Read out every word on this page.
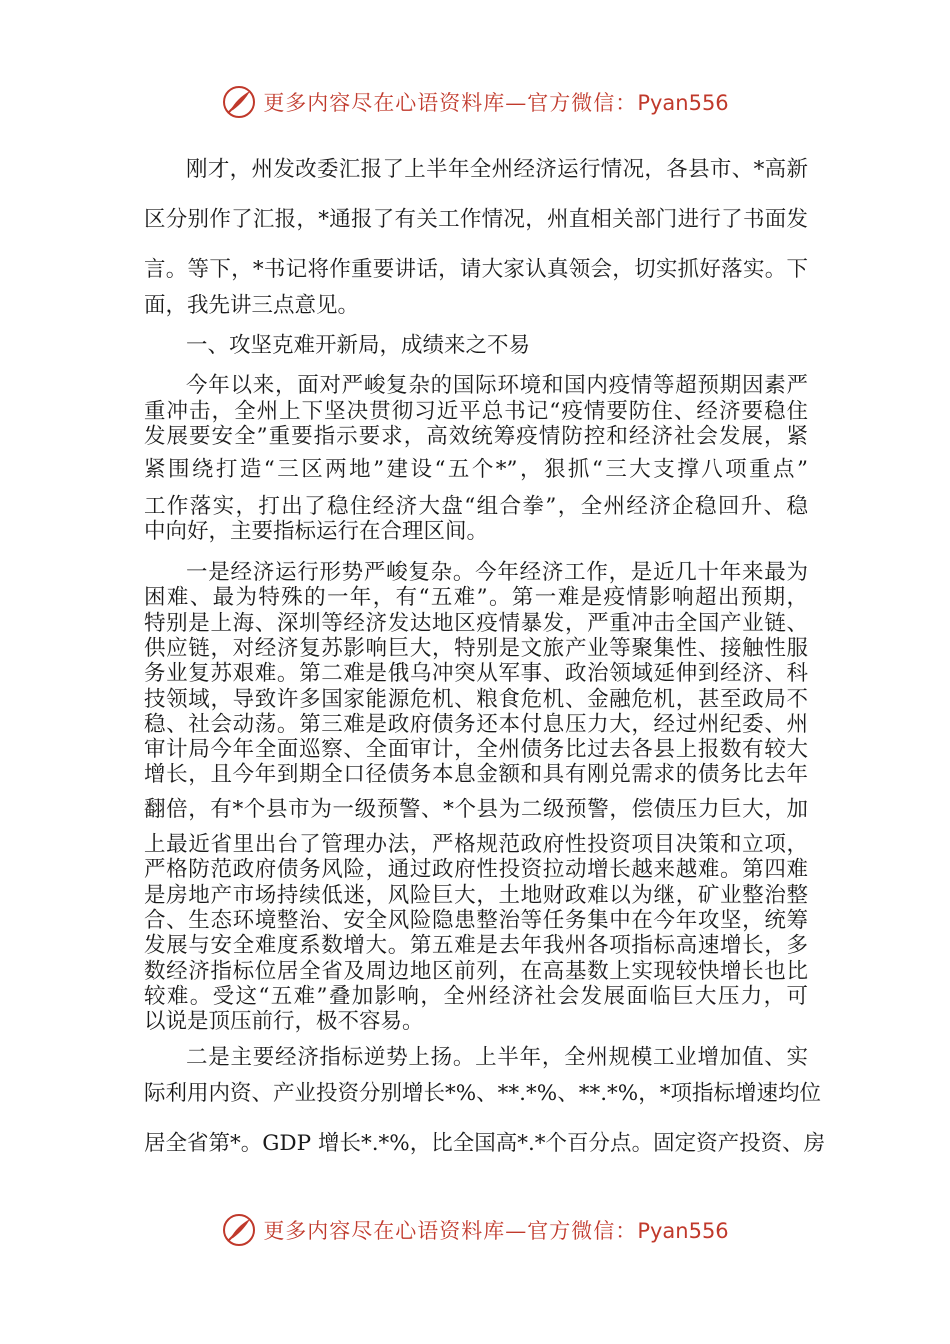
更多内容尽在心语资料库—官方微信：Pyan556
刚才，州发改委汇报了上半年全州经济运行情况，各县市、*高新
区分别作了汇报，*通报了有关工作情况，州直相关部门进行了书面发
言。等下，*书记将作重要讲话，请大家认真领会，切实抓好落实。下
面，我先讲三点意见。
一、攻坚克难开新局，成绩来之不易
今年以来，面对严峻复杂的国际环境和国内疫情等超预期因素严
重冲击，全州上下坚决贯彻习近平总书记“疫情要防住、经济要稳住
发展要安全”重要指示要求，高效统筹疫情防控和经济社会发展，紧
紧围绕打造“三区两地”建设“五个*”，狠抓“三大支撑八项重点”
工作落实，打出了稳住经济大盘“组合拳”，全州经济企稳回升、稳
中向好，主要指标运行在合理区间。
一是经济运行形势严峻复杂。今年经济工作，是近几十年来最为
困难、最为特殊的一年，有“五难”。第一难是疫情影响超出预期，
特别是上海、深圳等经济发达地区疫情暴发，严重冲击全国产业链、
供应链，对经济复苏影响巨大，特别是文旅产业等聚集性、接触性服
务业复苏艰难。第二难是俄乌冲突从军事、政治领域延伸到经济、科
技领域，导致许多国家能源危机、粮食危机、金融危机，甚至政局不
稳、社会动荡。第三难是政府债务还本付息压力大，经过州纪委、州
审计局今年全面巡察、全面审计，全州债务比过去各县上报数有较大
增长，且今年到期全口径债务本息金额和具有刚兑需求的债务比去年
翻倍，有*个县市为一级预警、*个县为二级预警，偿债压力巨大，加
上最近省里出台了管理办法，严格规范政府性投资项目决策和立项，
严格防范政府债务风险，通过政府性投资拉动增长越来越难。第四难
是房地产市场持续低迷，风险巨大，土地财政难以为继，矿业整治整
合、生态环境整治、安全风险隐患整治等任务集中在今年攻坚，统筹
发展与安全难度系数增大。第五难是去年我州各项指标高速增长，多
数经济指标位居全省及周边地区前列，在高基数上实现较快增长也比
较难。受这“五难”叠加影响，全州经济社会发展面临巨大压力，可
以说是顶压前行，极不容易。
二是主要经济指标逆势上扬。上半年，全州规模工业增加值、实
际利用内资、产业投资分别增长*%、**.*%、**.*%，*项指标增速均位
居全省第*。GDP 增长*.*%，比全国高*.*个百分点。固定资产投资、房
更多内容尽在心语资料库—官方微信：Pyan556
